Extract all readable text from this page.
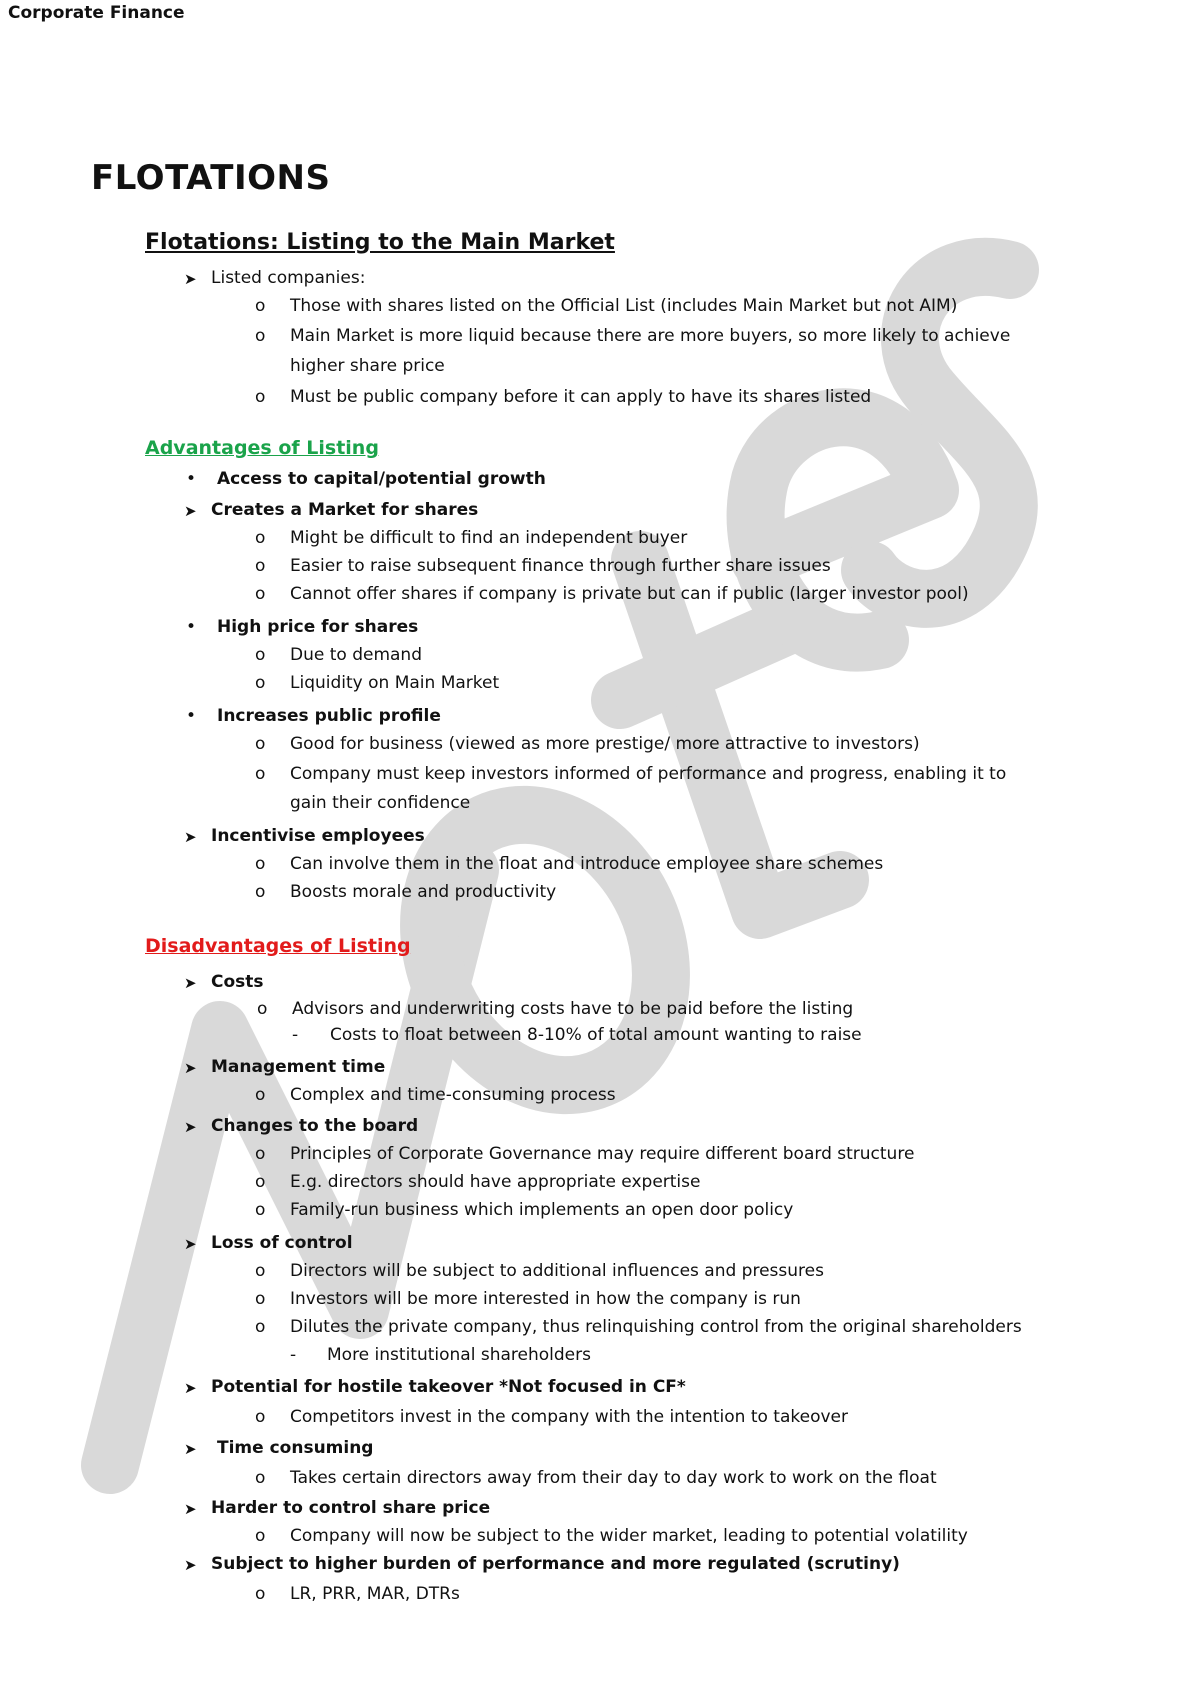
Corporate Finance
FLOTATIONS
Flotations: Listing to the Main Market
➤ Listed companies:
o Those with shares listed on the Official List (includes Main Market but not AIM)
o Main Market is more liquid because there are more buyers, so more likely to achieve
higher share price
o Must be public company before it can apply to have its shares listed
Advantages of Listing
• Access to capital/potential growth
➤ Creates a Market for shares
o Might be difficult to find an independent buyer
o Easier to raise subsequent finance through further share issues
o Cannot offer shares if company is private but can if public (larger investor pool)
• High price for shares
o Due to demand
o Liquidity on Main Market
• Increases public profile
o Good for business (viewed as more prestige/ more attractive to investors)
o Company must keep investors informed of performance and progress, enabling it to
gain their confidence
➤ Incentivise employees
o Can involve them in the float and introduce employee share schemes
o Boosts morale and productivity
Disadvantages of Listing
➤ Costs
o Advisors and underwriting costs have to be paid before the listing
- Costs to float between 8-10% of total amount wanting to raise
➤ Management time
o Complex and time-consuming process
➤ Changes to the board
o Principles of Corporate Governance may require different board structure
o E.g. directors should have appropriate expertise
o Family-run business which implements an open door policy
➤ Loss of control
o Directors will be subject to additional influences and pressures
o Investors will be more interested in how the company is run
o Dilutes the private company, thus relinquishing control from the original shareholders
- More institutional shareholders
➤ Potential for hostile takeover *Not focused in CF*
o Competitors invest in the company with the intention to takeover
➤ Time consuming
o Takes certain directors away from their day to day work to work on the float
➤ Harder to control share price
o Company will now be subject to the wider market, leading to potential volatility
➤ Subject to higher burden of performance and more regulated (scrutiny)
o LR, PRR, MAR, DTRs
